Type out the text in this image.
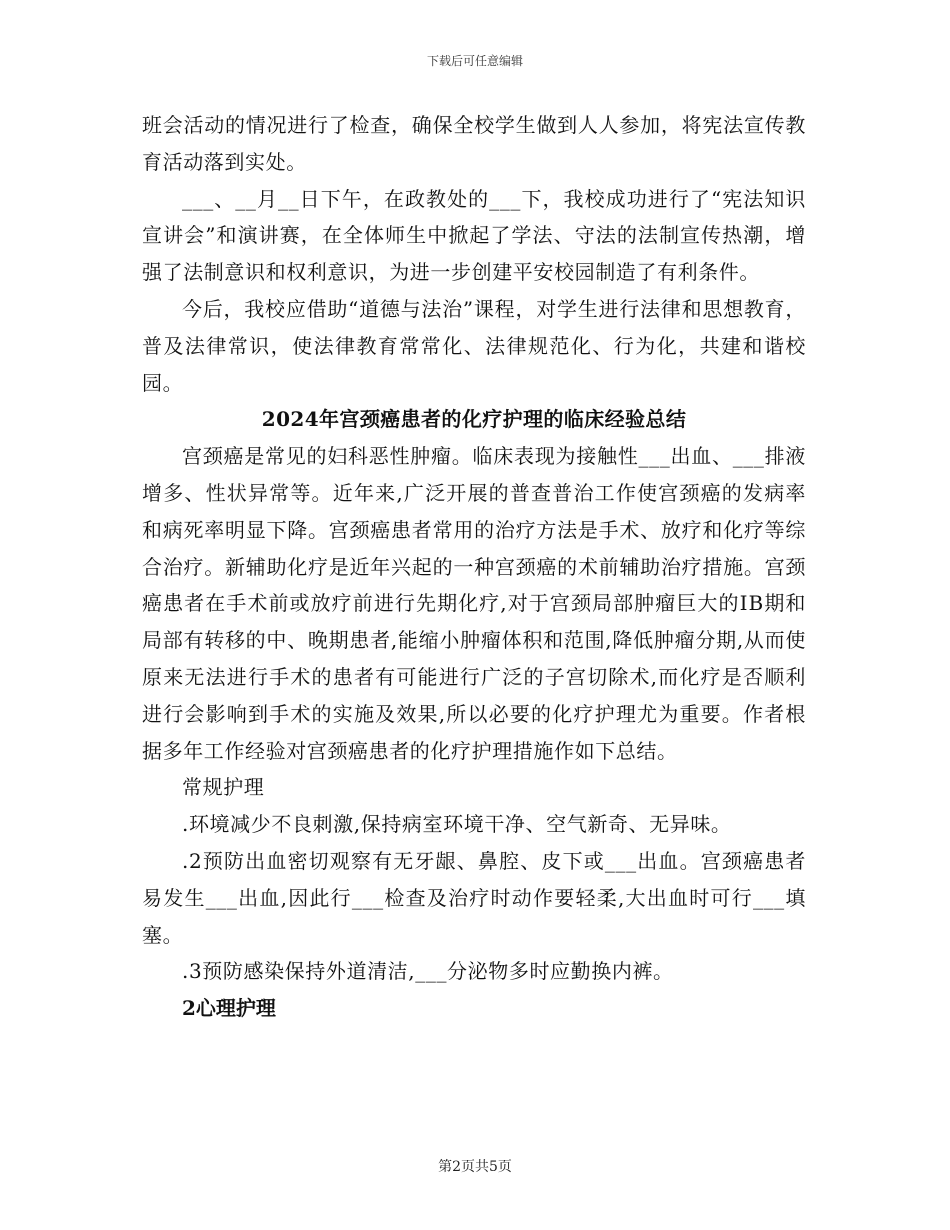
下载后可任意编辑

班会活动的情况进行了检查，确保全校学生做到人人参加，将宪法宣传教育活动落到实处。

___、__月__日下午，在政教处的___下，我校成功进行了“宪法知识宣讲会”和演讲赛，在全体师生中掀起了学法、守法的法制宣传热潮，增强了法制意识和权利意识，为进一步创建平安校园制造了有利条件。

今后，我校应借助“道德与法治”课程，对学生进行法律和思想教育，普及法律常识，使法律教育常常化、法律规范化、行为化，共建和谐校园。

2024年宫颈癌患者的化疗护理的临床经验总结

宫颈癌是常见的妇科恶性肿瘤。临床表现为接触性___出血、___排液增多、性状异常等。近年来,广泛开展的普查普治工作使宫颈癌的发病率和病死率明显下降。宫颈癌患者常用的治疗方法是手术、放疗和化疗等综合治疗。新辅助化疗是近年兴起的一种宫颈癌的术前辅助治疗措施。宫颈癌患者在手术前或放疗前进行先期化疗,对于宫颈局部肿瘤巨大的ⅠB期和局部有转移的中、晚期患者,能缩小肿瘤体积和范围,降低肿瘤分期,从而使原来无法进行手术的患者有可能进行广泛的子宫切除术,而化疗是否顺利进行会影响到手术的实施及效果,所以必要的化疗护理尤为重要。作者根据多年工作经验对宫颈癌患者的化疗护理措施作如下总结。

常规护理

.环境减少不良刺激,保持病室环境干净、空气新奇、无异味。

.2预防出血密切观察有无牙龈、鼻腔、皮下或___出血。宫颈癌患者易发生___出血,因此行___检查及治疗时动作要轻柔,大出血时可行___填塞。

.3预防感染保持外道清洁,___分泌物多时应勤换内裤。

2心理护理
第2页共5页
